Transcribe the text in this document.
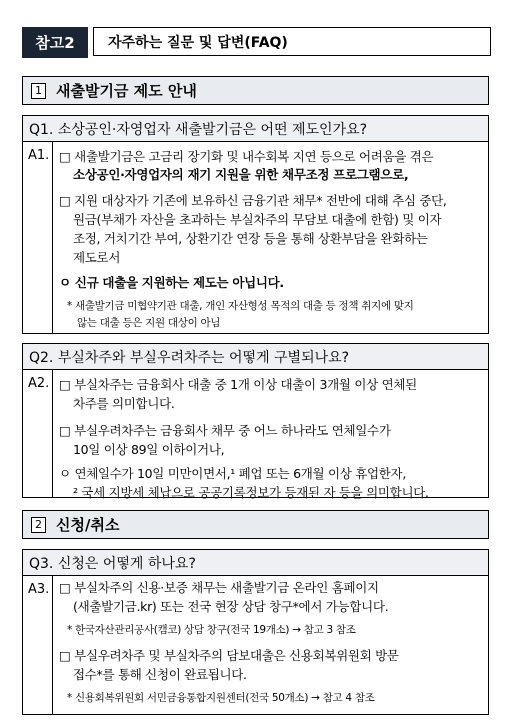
참고2	자주하는 질문 및 답변(FAQ)
1 새출발기금 제도 안내
Q1. 소상공인·자영업자 새출발기금은 어떤 제도인가요?
A1. □ 새출발기금은 고금리 장기화 및 내수회복 지연 등으로 어려움을 겪은
소상공인·자영업자의 재기 지원을 위한 채무조정 프로그램으로,
□ 지원 대상자가 기존에 보유하신 금융기관 채무* 전반에 대해 추심 중단,
원금(부채가 자산을 초과하는 부실차주의 무담보 대출에 한함) 및 이자
조정, 거치기간 부여, 상환기간 연장 등을 통해 상환부담을 완화하는
제도로서
ㅇ 신규 대출을 지원하는 제도는 아닙니다.
* 새출발기금 미협약기관 대출, 개인 자산형성 목적의 대출 등 정책 취지에 맞지
않는 대출 등은 지원 대상이 아님
Q2. 부실차주와 부실우려차주는 어떻게 구별되나요?
A2. □ 부실차주는 금융회사 대출 중 1개 이상 대출이 3개월 이상 연체된
차주를 의미합니다.
□ 부실우려차주는 금융회사 채무 중 어느 하나라도 연체일수가
10일 이상 89일 이하이거나,
ㅇ 연체일수가 10일 미만이면서,¹ 폐업 또는 6개월 이상 휴업한자,
² 국세 지방세 체납으로 공공기록정보가 등재된 자 등을 의미합니다.
2 신청/취소
Q3. 신청은 어떻게 하나요?
A3. □ 부실차주의 신용·보증 채무는 새출발기금 온라인 홈페이지
(새출발기금.kr) 또는 전국 현장 상담 창구*에서 가능합니다.
* 한국자산관리공사(캠코) 상담 창구(전국 19개소) → 참고 3 참조
□ 부실우려차주 및 부실차주의 담보대출은 신용회복위원회 방문
접수*를 통해 신청이 완료됩니다.
* 신용회복위원회 서민금융통합지원센터(전국 50개소) → 참고 4 참조
